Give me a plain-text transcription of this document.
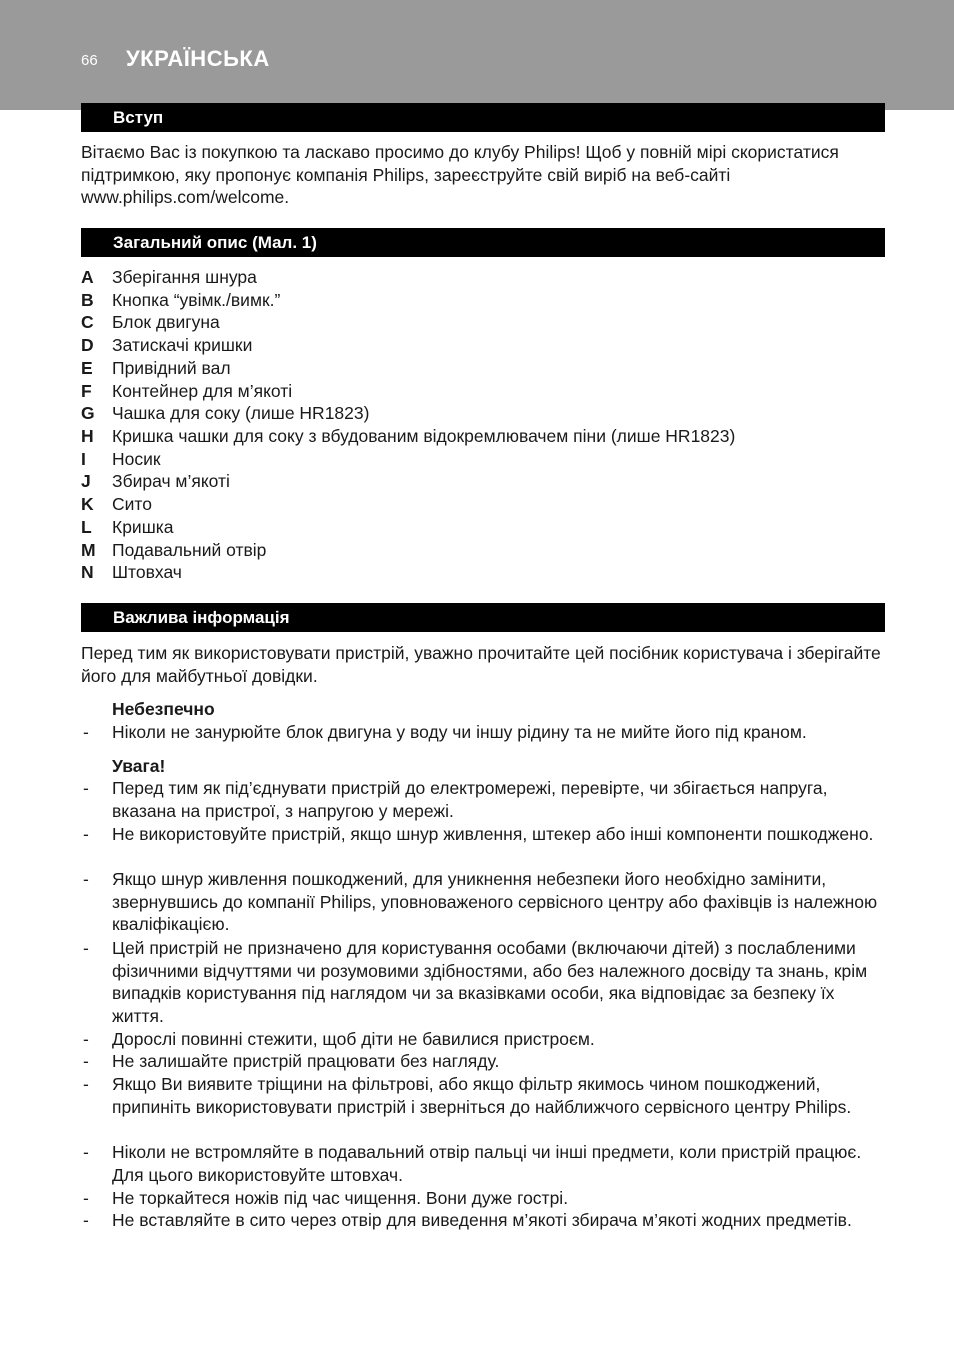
66 УКРАЇНСЬКА
Вступ

Вітаємо Вас із покупкою та ласкаво просимо до клубу Philips! Щоб у повній мірі скористатися підтримкою, яку пропонує компанія Philips, зареєструйте свій виріб на веб-сайті www.philips.com/welcome.

Загальний опис (Мал. 1)
A	Зберігання шнура
B	Кнопка “увімк./вимк.”
C	Блок двигуна
D	Затискачі кришки
E	Привідний вал
F	Контейнер для м’якоті
G Чашка для соку (лише HR1823)
H	Кришка чашки для соку з вбудованим відокремлювачем піни (лише HR1823)
I	Носик
J	Збирач м’якоті
K	Сито
L	Кришка
M Подавальний отвір
N	Штовхач
Важлива інформація

Перед тим як використовувати пристрій, уважно прочитайте цей посібник користувача і зберігайте його для майбутньої довідки.

Небезпечно
- Ніколи не занурюйте блок двигуна у воду чи іншу рідину та не мийте його під краном.

Увага!
- Перед тим як під’єднувати пристрій до електромережі, перевірте, чи збігається напруга, вказана на пристрої, з напругою у мережі.

- Не використовуйте пристрій, якщо шнур живлення, штекер або інші компоненти пошкоджено.

- Якщо шнур живлення пошкоджений, для уникнення небезпеки його необхідно замінити, звернувшись до компанії Philips, уповноваженого сервісного центру або фахівців із належною кваліфікацією.

- Цей пристрій не призначено для користування особами (включаючи дітей) з послабленими фізичними відчуттями чи розумовими здібностями, або без належного досвіду та знань, крім випадків користування під наглядом чи за вказівками особи, яка відповідає за безпеку їх життя.

- Дорослі повинні стежити, щоб діти не бавилися пристроєм.

- Не залишайте пристрій працювати без нагляду.

- Якщо Ви виявите тріщини на фільтрові, або якщо фільтр якимось чином пошкоджений, припиніть використовувати пристрій і зверніться до найближчого сервісного центру Philips.

- Ніколи не встромляйте в подавальний отвір пальці чи інші предмети, коли пристрій працює. Для цього використовуйте штовхач.

- Не торкайтеся ножів під час чищення. Вони дуже гострі.

- Не вставляйте в сито через отвір для виведення м’якоті збирача м’якоті жодних предметів.
